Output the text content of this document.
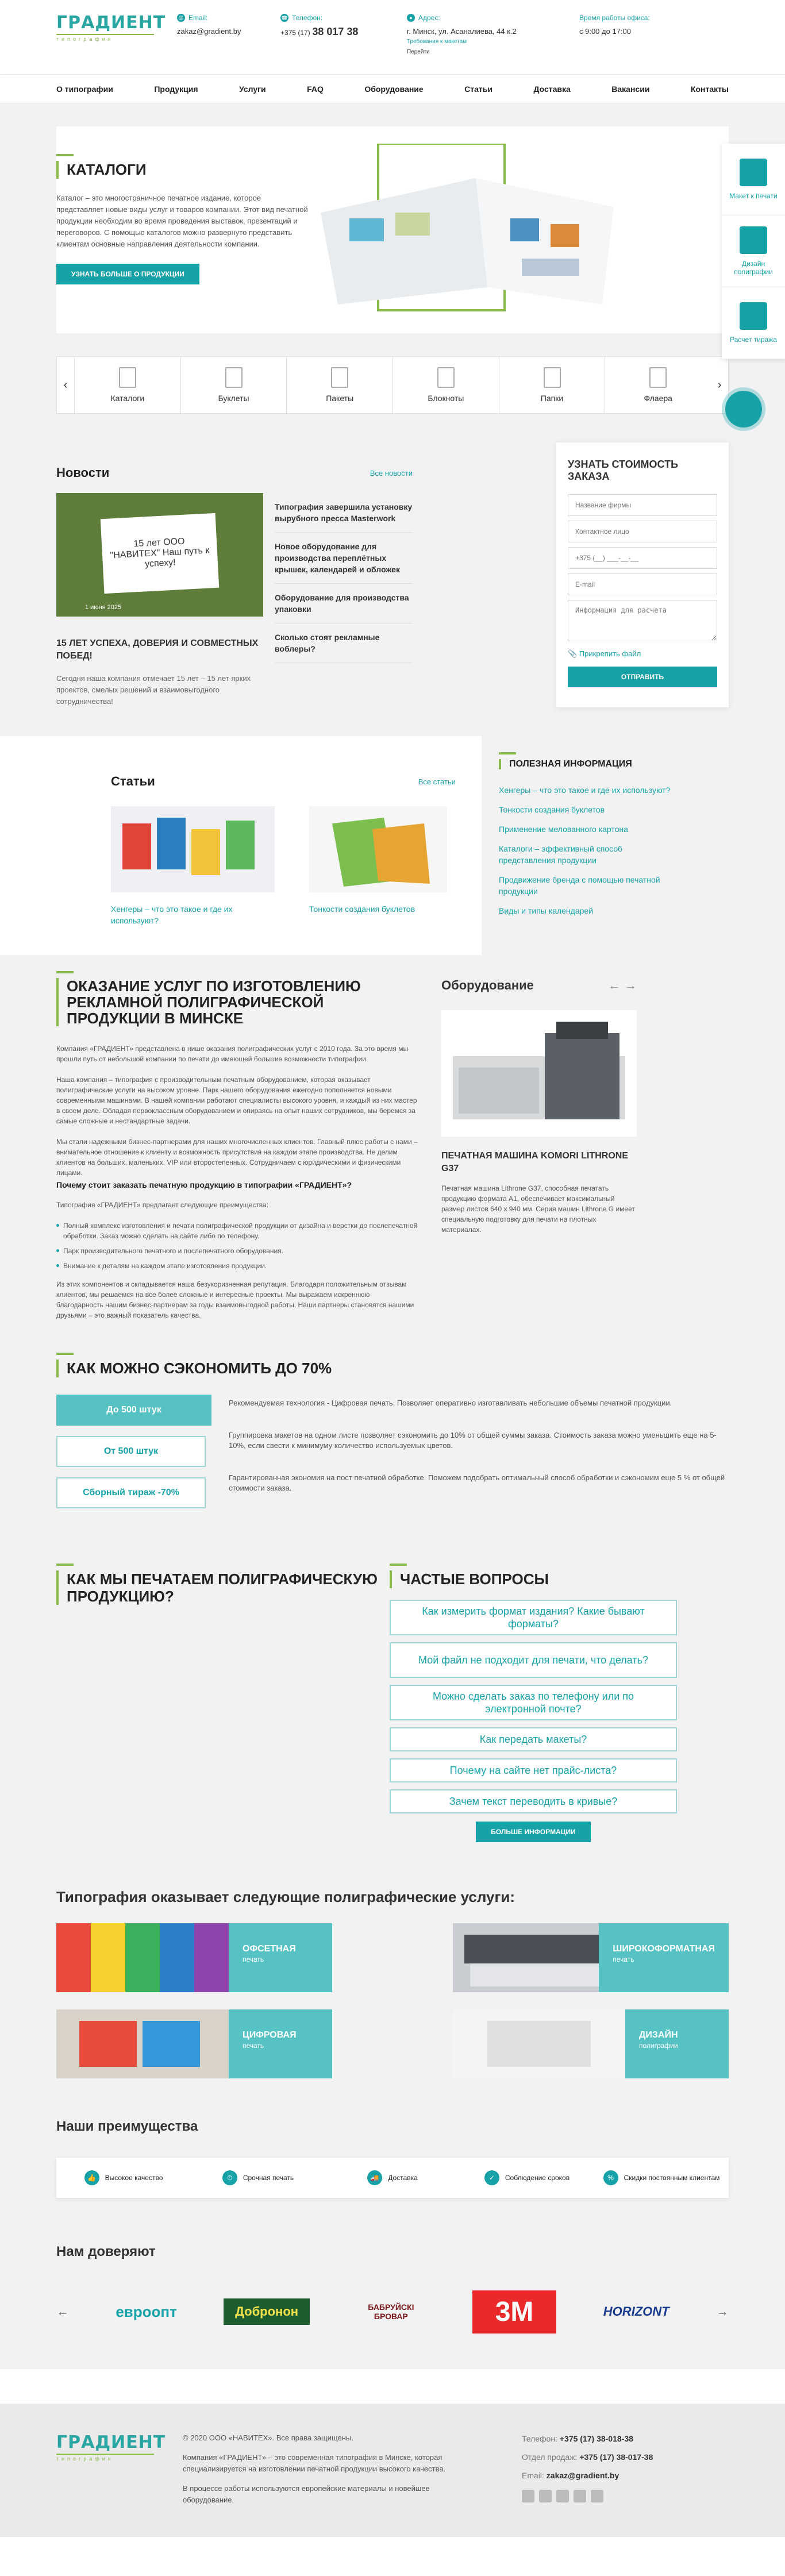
ГРАДИЕНТ
типография
@ Email:
zakaz@gradient.by
☎ Телефон:
+375 (17) 38 017 38
● Адрес:
г. Минск, ул. Асаналиева, 44 к.2
Требования к макетам
Перейти
Время работы офиса:
с 9:00 до 17:00
О типографии	Продукция	Услуги	FAQ	Оборудование	Статьи	Доставка	Вакансии	Контакты
КАТАЛОГИ

Каталог – это многостраничное печатное издание, которое представляет новые виды услуг и товаров компании. Этот вид печатной продукции необходим во время проведения выставок, презентаций и переговоров. С помощью каталогов можно развернуто представить клиентам основные направления деятельности компании.

УЗНАТЬ БОЛЬШЕ О ПРОДУКЦИИ
‹
Каталоги	Буклеты	Пакеты	Блокноты	Папки	Флаера
›
Новости	Все новости
15 лет ООО "НАВИТЕХ" Наш путь к успеху!
1 июня 2025
15 ЛЕТ УСПЕХА, ДОВЕРИЯ И СОВМЕСТНЫХ ПОБЕД!

Сегодня наша компания отмечает 15 лет – 15 лет ярких проектов, смелых решений и взаимовыгодного сотрудничества!

Типография завершила установку вырубного пресса Masterwork
Новое оборудование для производства переплётных крышек, календарей и обложек
Оборудование для производства упаковки
Сколько стоят рекламные воблеры?
УЗНАТЬ СТОИМОСТЬ ЗАКАЗА
Название фирмы
Контактное лицо
+375 (__) ___-__-__
E-mail
Информация для расчета
📎 Прикрепить файл
ОТПРАВИТЬ
Статьи	Все статьи
Хенгеры – что это такое и где их используют?
Тонкости создания буклетов
ПОЛЕЗНАЯ ИНФОРМАЦИЯ
Хенгеры – что это такое и где их используют?
Тонкости создания буклетов
Применение мелованного картона
Каталоги – эффективный способ представления продукции
Продвижение бренда с помощью печатной продукции
Виды и типы календарей
ОКАЗАНИЕ УСЛУГ ПО ИЗГОТОВЛЕНИЮ РЕКЛАМНОЙ ПОЛИГРАФИЧЕСКОЙ ПРОДУКЦИИ В МИНСКЕ

Компания «ГРАДИЕНТ» представлена в нише оказания полиграфических услуг с 2010 года. За это время мы прошли путь от небольшой компании по печати до имеющей большие возможности типографии.

Наша компания – типография с производительным печатным оборудованием, которая оказывает полиграфические услуги на высоком уровне. Парк нашего оборудования ежегодно пополняется новыми современными машинами. В нашей компании работают специалисты высокого уровня, и каждый из них мастер в своем деле. Обладая первоклассным оборудованием и опираясь на опыт наших сотрудников, мы беремся за самые сложные и нестандартные задачи.

Мы стали надежными бизнес-партнерами для наших многочисленных клиентов. Главный плюс работы с нами – внимательное отношение к клиенту и возможность присутствия на каждом этапе производства. Не делим клиентов на больших, маленьких, VIP или второстепенных. Сотрудничаем с юридическими и физическими лицами.

Почему стоит заказать печатную продукцию в типографии «ГРАДИЕНТ»?

Типография «ГРАДИЕНТ» предлагает следующие преимущества:

Полный комплекс изготовления и печати полиграфической продукции от дизайна и верстки до послепечатной обработки. Заказ можно сделать на сайте либо по телефону.
Парк производительного печатного и послепечатного оборудования.
Внимание к деталям на каждом этапе изготовления продукции.

Из этих компонентов и складывается наша безукоризненная репутация. Благодаря положительным отзывам клиентов, мы решаемся на все более сложные и интересные проекты. Мы выражаем искреннюю благодарность нашим бизнес-партнерам за годы взаимовыгодной работы. Наши партнеры становятся нашими друзьями – это важный показатель качества.

Оборудование	← →
ПЕЧАТНАЯ МАШИНА KOMORI LITHRONE G37

Печатная машина Lithrone G37, способная печатать продукцию формата А1, обеспечивает максимальный размер листов 640 x 940 мм. Серия машин Lithrone G имеет специальную подготовку для печати на плотных материалах.

КАК МОЖНО СЭКОНОМИТЬ ДО 70%
До 500 штук
От 500 штук
Сборный тираж -70%

Рекомендуемая технология - Цифровая печать. Позволяет оперативно изготавливать небольшие объемы печатной продукции.

Группировка макетов на одном листе позволяет сэкономить до 10% от общей суммы заказа. Стоимость заказа можно уменьшить еще на 5-10%, если свести к минимуму количество используемых цветов.

Гарантированная экономия на пост печатной обработке. Поможем подобрать оптимальный способ обработки и сэкономим еще 5 % от общей стоимости заказа.

КАК МЫ ПЕЧАТАЕМ ПОЛИГРАФИЧЕСКУЮ ПРОДУКЦИЮ?
ЧАСТЫЕ ВОПРОСЫ
Как измерить формат издания? Какие бывают форматы?
Мой файл не подходит для печати, что делать?
Можно сделать заказ по телефону или по электронной почте?
Как передать макеты?
Почему на сайте нет прайс-листа?
Зачем текст переводить в кривые?
БОЛЬШЕ ИНФОРМАЦИИ
Типография оказывает следующие полиграфические услуги:
ОФСЕТНАЯ
печать
ШИРОКОФОРМАТНАЯ
печать
ЦИФРОВАЯ
печать
ДИЗАЙН
полиграфии
Наши преимущества
👍	Высокое качество	⏱	Срочная печать	🚚	Доставка	✓	Соблюдение сроков	%	Скидки постоянным клиентам
Нам доверяют
←	евроопт	Добронон	БАБРУЙСКІ БРОВАР	3M	HORIZONT	→
ГРАДИЕНТ
типография

© 2020 ООО «НАВИТЕХ». Все права защищены.

Компания «ГРАДИЕНТ» – это современная типография в Минске, которая специализируется на изготовлении печатной продукции высокого качества.

В процессе работы используются европейские материалы и новейшее оборудование.

Телефон: +375 (17) 38-018-38
Отдел продаж: +375 (17) 38-017-38
Email: zakaz@gradient.by
Макет к печати
Дизайн полиграфии
Расчет тиража
